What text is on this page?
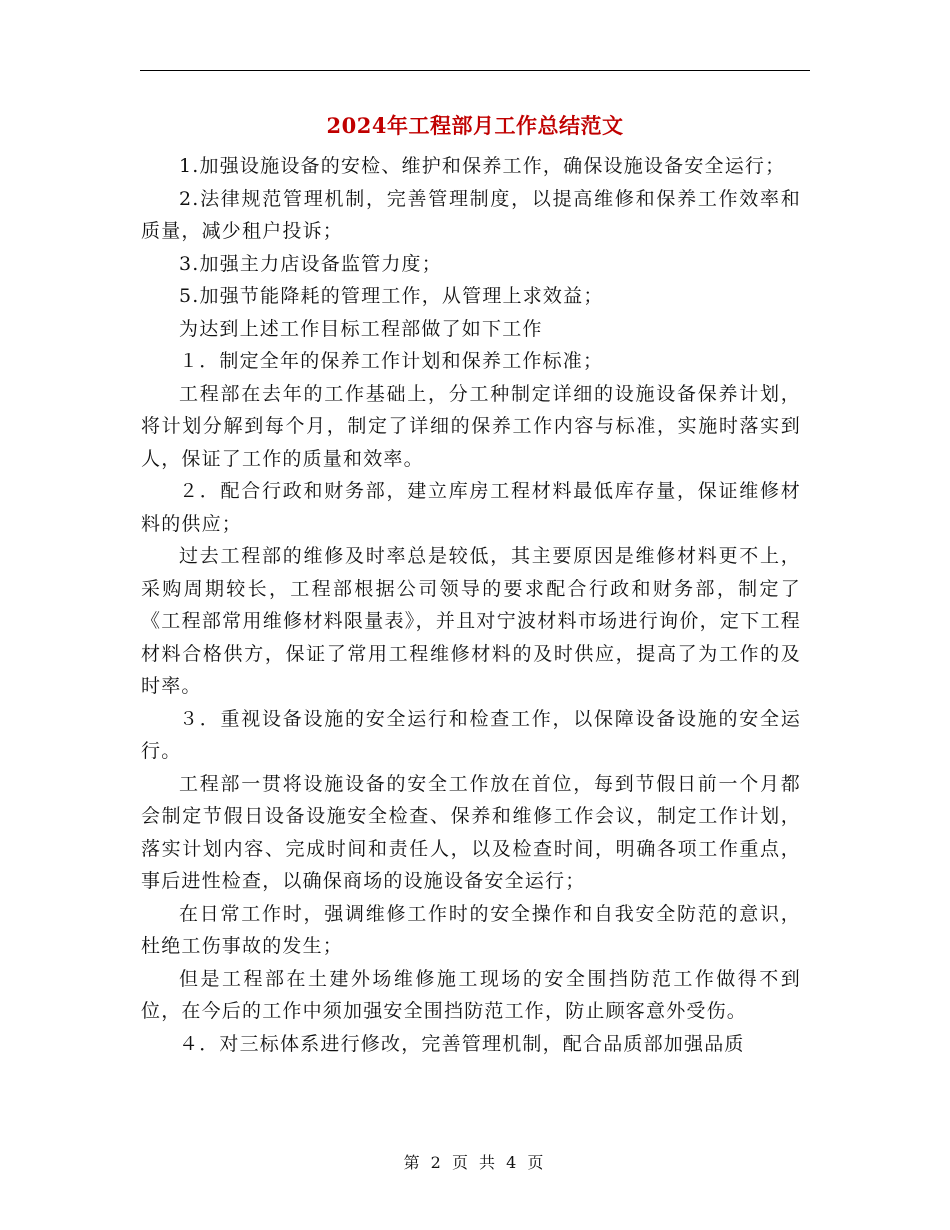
2024年工程部月工作总结范文

1.加强设施设备的安检、维护和保养工作，确保设施设备安全运行；

2.法律规范管理机制，完善管理制度，以提高维修和保养工作效率和质量，减少租户投诉；

3.加强主力店设备监管力度；

5.加强节能降耗的管理工作，从管理上求效益；

为达到上述工作目标工程部做了如下工作

１．制定全年的保养工作计划和保养工作标准；

工程部在去年的工作基础上，分工种制定详细的设施设备保养计划，将计划分解到每个月，制定了详细的保养工作内容与标准，实施时落实到人，保证了工作的质量和效率。

２．配合行政和财务部，建立库房工程材料最低库存量，保证维修材料的供应；

过去工程部的维修及时率总是较低，其主要原因是维修材料更不上，采购周期较长，工程部根据公司领导的要求配合行政和财务部，制定了《工程部常用维修材料限量表》，并且对宁波材料市场进行询价，定下工程材料合格供方，保证了常用工程维修材料的及时供应，提高了为工作的及时率。

３．重视设备设施的安全运行和检查工作，以保障设备设施的安全运行。

工程部一贯将设施设备的安全工作放在首位，每到节假日前一个月都会制定节假日设备设施安全检查、保养和维修工作会议，制定工作计划，落实计划内容、完成时间和责任人，以及检查时间，明确各项工作重点，事后进性检查，以确保商场的设施设备安全运行；

在日常工作时，强调维修工作时的安全操作和自我安全防范的意识，杜绝工伤事故的发生；

但是工程部在土建外场维修施工现场的安全围挡防范工作做得不到位，在今后的工作中须加强安全围挡防范工作，防止顾客意外受伤。

４．对三标体系进行修改，完善管理机制，配合品质部加强品质

第 2 页 共 4 页
